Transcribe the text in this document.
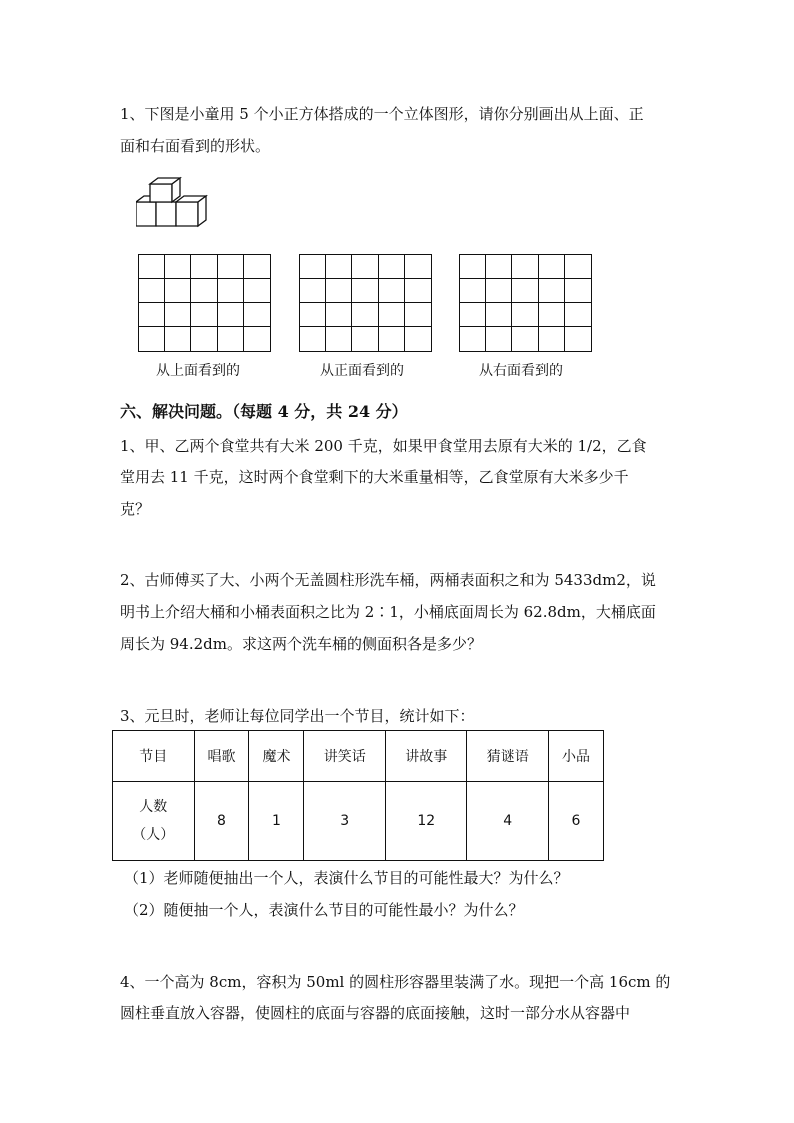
1、下图是小童用 5 个小正方体搭成的一个立体图形，请你分别画出从上面、正
面和右面看到的形状。
从上面看到的	从正面看到的	从右面看到的
六、解决问题。（每题 4 分，共 24 分）
1、甲、乙两个食堂共有大米 200 千克，如果甲食堂用去原有大米的 1/2，乙食
堂用去 11 千克，这时两个食堂剩下的大米重量相等，乙食堂原有大米多少千
克？
2、古师傅买了大、小两个无盖圆柱形洗车桶，两桶表面积之和为 5433dm2，说
明书上介绍大桶和小桶表面积之比为 2∶1，小桶底面周长为 62.8dm，大桶底面
周长为 94.2dm。求这两个洗车桶的侧面积各是多少？
3、元旦时，老师让每位同学出一个节目，统计如下：
节目	唱歌	魔术	讲笑话	讲故事	猜谜语	小品

人数
（人）	8	1	3	12	4	6
（1）老师随便抽出一个人，表演什么节目的可能性最大？为什么？
（2）随便抽一个人，表演什么节目的可能性最小？为什么？
4、一个高为 8cm，容积为 50ml 的圆柱形容器里装满了水。现把一个高 16cm 的
圆柱垂直放入容器，使圆柱的底面与容器的底面接触，这时一部分水从容器中
